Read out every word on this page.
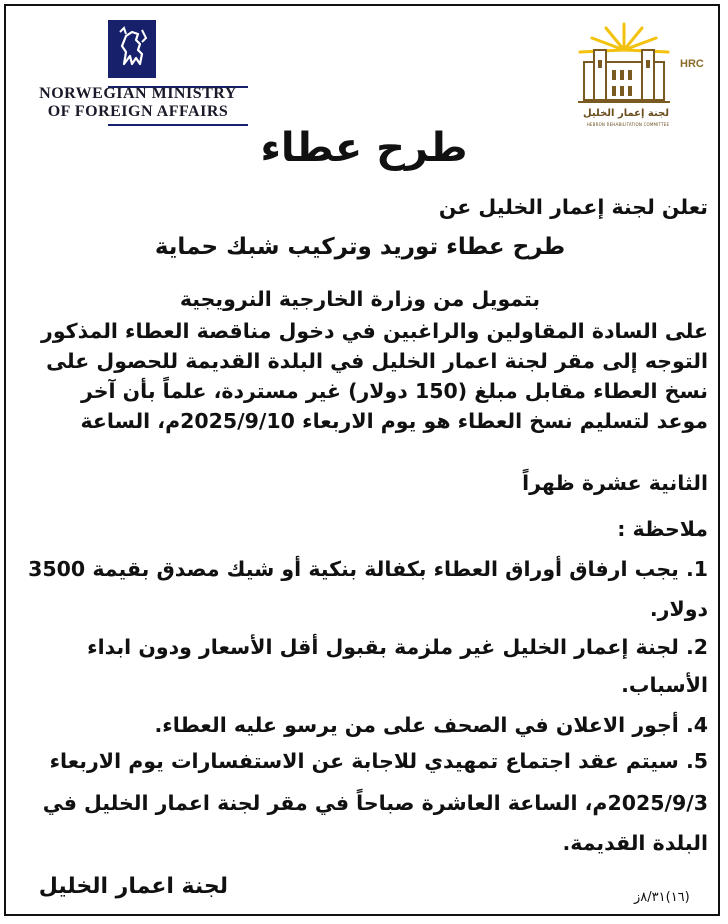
NORWEGIAN MINISTRY
OF FOREIGN AFFAIRS
HRC
لجنة إعمار الخليل
HEBRON REHABILITATION COMMITTEE
طرح عطاء
تعلن لجنة إعمار الخليل عن
طرح عطاء توريد وتركيب شبك حماية
بتمويل من وزارة الخارجية النرويجية
على السادة المقاولين والراغبين في دخول مناقصة العطاء المذكور
التوجه إلى مقر لجنة اعمار الخليل في البلدة القديمة للحصول على
نسخ العطاء مقابل مبلغ (150 دولار) غير مستردة، علماً بأن آخر
موعد لتسليم نسخ العطاء هو يوم الاربعاء 2025/9/10م، الساعة
الثانية عشرة ظهراً
ملاحظة :
1. يجب ارفاق أوراق العطاء بكفالة بنكية أو شيك مصدق بقيمة 3500
دولار.
2. لجنة إعمار الخليل غير ملزمة بقبول أقل الأسعار ودون ابداء
الأسباب.
4. أجور الاعلان في الصحف على من يرسو عليه العطاء.
5. سيتم عقد اجتماع تمهيدي للاجابة عن الاستفسارات يوم الاربعاء
2025/9/3م، الساعة العاشرة صباحاً في مقر لجنة اعمار الخليل في
البلدة القديمة.
لجنة اعمار الخليل	(١٦)٨/٣١ز
